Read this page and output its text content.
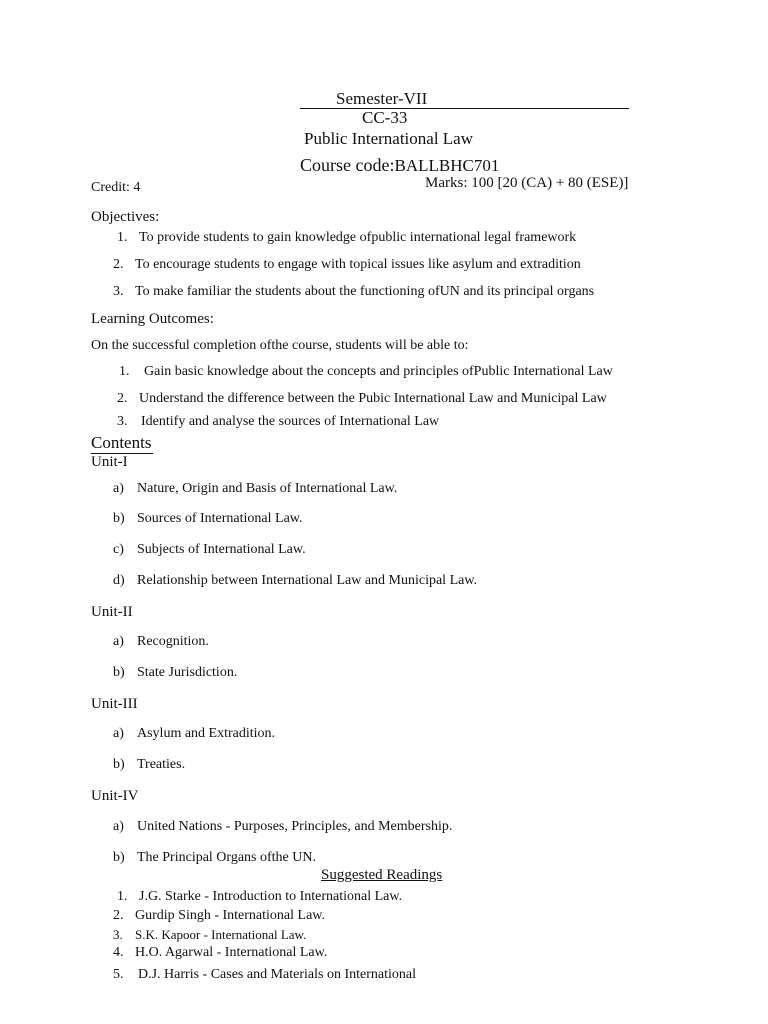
Semester-VII
CC-33
Public International Law
Course code:BALLBHC701
Credit: 4	Marks: 100 [20 (CA) + 80 (ESE)]
Objectives:
1. To provide students to gain knowledge ofpublic international legal framework
2. To encourage students to engage with topical issues like asylum and extradition
3. To make familiar the students about the functioning ofUN and its principal organs
Learning Outcomes:
On the successful completion ofthe course, students will be able to:
1. Gain basic knowledge about the concepts and principles ofPublic International Law
2. Understand the difference between the Pubic International Law and Municipal Law
3. Identify and analyse the sources of International Law
Contents
Unit-I
a) Nature, Origin and Basis of International Law.
b) Sources of International Law.
c) Subjects of International Law.
d) Relationship between International Law and Municipal Law.
Unit-II
a) Recognition.
b) State Jurisdiction.
Unit-III
a) Asylum and Extradition.
b) Treaties.
Unit-IV
a) United Nations - Purposes, Principles, and Membership.
b) The Principal Organs ofthe UN.
Suggested Readings
1. J.G. Starke - Introduction to International Law.
2. Gurdip Singh - International Law.
3. S.K. Kapoor - International Law.
4. H.O. Agarwal - International Law.
5. D.J. Harris - Cases and Materials on International
